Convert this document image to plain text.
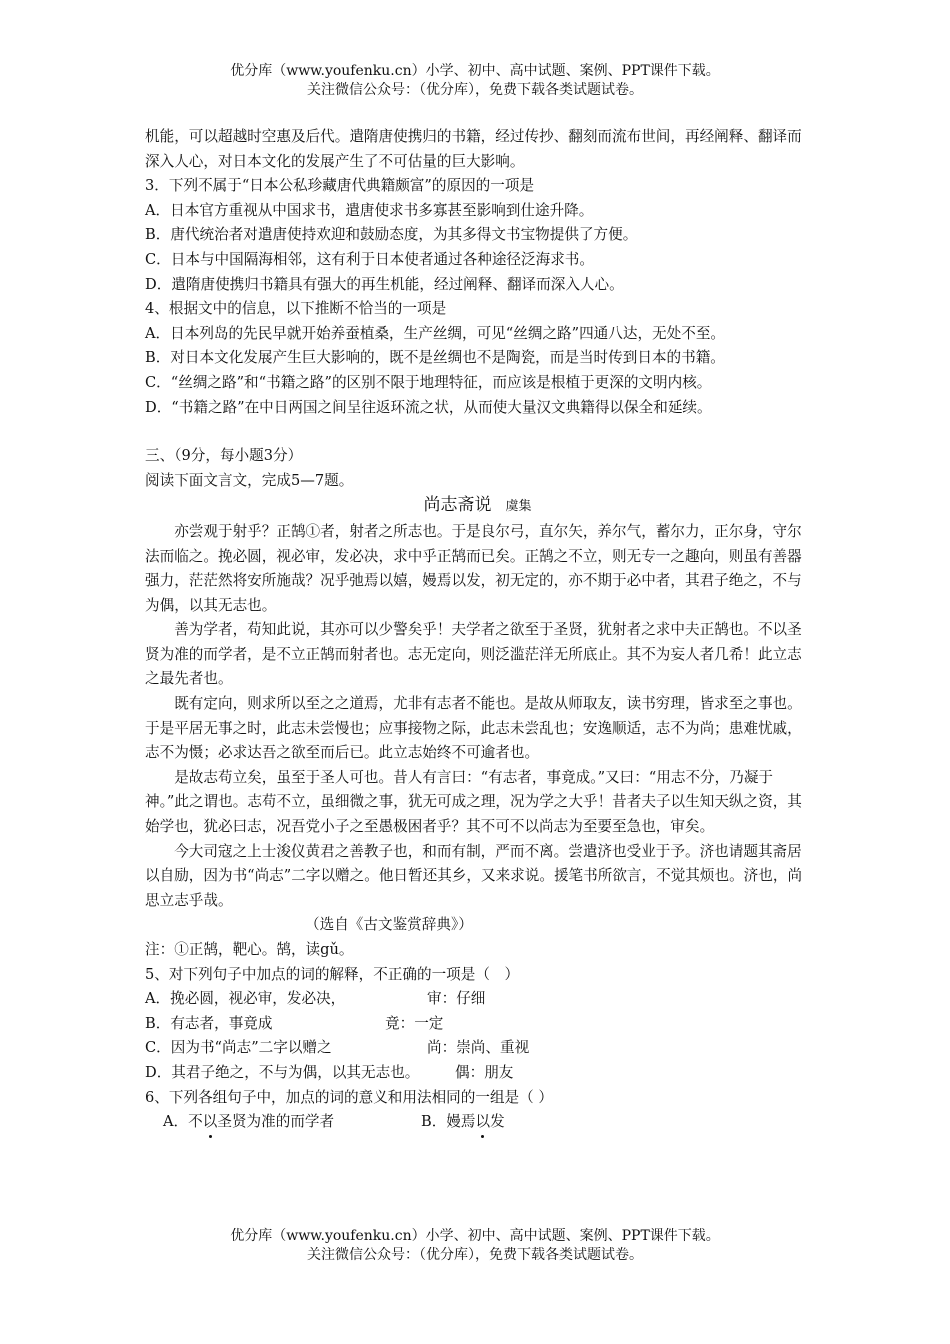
优分库（www.youfenku.cn）小学、初中、高中试题、案例、PPT课件下载。
关注微信公众号：（优分库），免费下载各类试题试卷。

机能，可以超越时空惠及后代。遣隋唐使携归的书籍，经过传抄、翻刻而流布世间，再经阐释、翻译而深入人心，对日本文化的发展产生了不可估量的巨大影响。

3．下列不属于“日本公私珍藏唐代典籍颇富”的原因的一项是

A．日本官方重视从中国求书，遣唐使求书多寡甚至影响到仕途升降。

B．唐代统治者对遣唐使持欢迎和鼓励态度，为其多得文书宝物提供了方便。

C．日本与中国隔海相邻，这有利于日本使者通过各种途径泛海求书。

D．遣隋唐使携归书籍具有强大的再生机能，经过阐释、翻译而深入人心。

4、根据文中的信息，以下推断不恰当的一项是

A．日本列岛的先民早就开始养蚕植桑，生产丝绸，可见“丝绸之路”四通八达，无处不至。

B．对日本文化发展产生巨大影响的，既不是丝绸也不是陶瓷，而是当时传到日本的书籍。

C．“丝绸之路”和“书籍之路”的区别不限于地理特征，而应该是根植于更深的文明内核。

D．“书籍之路”在中日两国之间呈往返环流之状，从而使大量汉文典籍得以保全和延续。

三、（9分，每小题3分）

阅读下面文言文，完成5—7题。

尚志斋说 虞集

亦尝观于射乎？正鹄①者，射者之所志也。于是良尔弓，直尔矢，养尔气，蓄尔力，正尔身，守尔法而临之。挽必圆，视必审，发必决，求中乎正鹄而已矣。正鹄之不立，则无专一之趣向，则虽有善器强力，茫茫然将安所施哉？况乎弛焉以嬉，嫚焉以发，初无定的，亦不期于必中者，其君子绝之，不与为偶，以其无志也。

善为学者，苟知此说，其亦可以少警矣乎！夫学者之欲至于圣贤，犹射者之求中夫正鹄也。不以圣贤为准的而学者，是不立正鹄而射者也。志无定向，则泛滥茫洋无所底止。其不为妄人者几希！此立志之最先者也。

既有定向，则求所以至之之道焉，尤非有志者不能也。是故从师取友，读书穷理，皆求至之事也。于是平居无事之时，此志未尝慢也；应事接物之际，此志未尝乱也；安逸顺适，志不为尚；患难忧戚，志不为慑；必求达吾之欲至而后已。此立志始终不可逾者也。

是故志苟立矣，虽至于圣人可也。昔人有言曰：“有志者，事竟成。”又曰：“用志不分，乃凝于神。”此之谓也。志苟不立，虽细微之事，犹无可成之理，况为学之大乎！昔者夫子以生知天纵之资，其始学也，犹必曰志，况吾党小子之至愚极困者乎？其不可不以尚志为至要至急也，审矣。

今大司寇之上士浚仪黄君之善教子也，和而有制，严而不离。尝遣济也受业于予。济也请题其斋居以自励，因为书“尚志”二字以赠之。他日暂还其乡，又来求说。援笔书所欲言，不觉其烦也。济也，尚思立志乎哉。

（选自《古文鉴赏辞典》）

注：①正鹄，靶心。鹄，读gǔ。

5、对下列句子中加点的词的解释，不正确的一项是（　）

A．挽必圆，视必审，发必决，	审：仔细
B．有志者，事竟成	竟：一定
C．因为书“尚志”二字以赠之	尚：崇尚、重视
D．其君子绝之，不与为偶，以其无志也。	偶：朋友

6、下列各组句子中，加点的词的意义和用法相同的一组是（ ）

A．不以圣贤为准的而学者	B．嫚焉以发
优分库（www.youfenku.cn）小学、初中、高中试题、案例、PPT课件下载。
关注微信公众号：（优分库），免费下载各类试题试卷。
